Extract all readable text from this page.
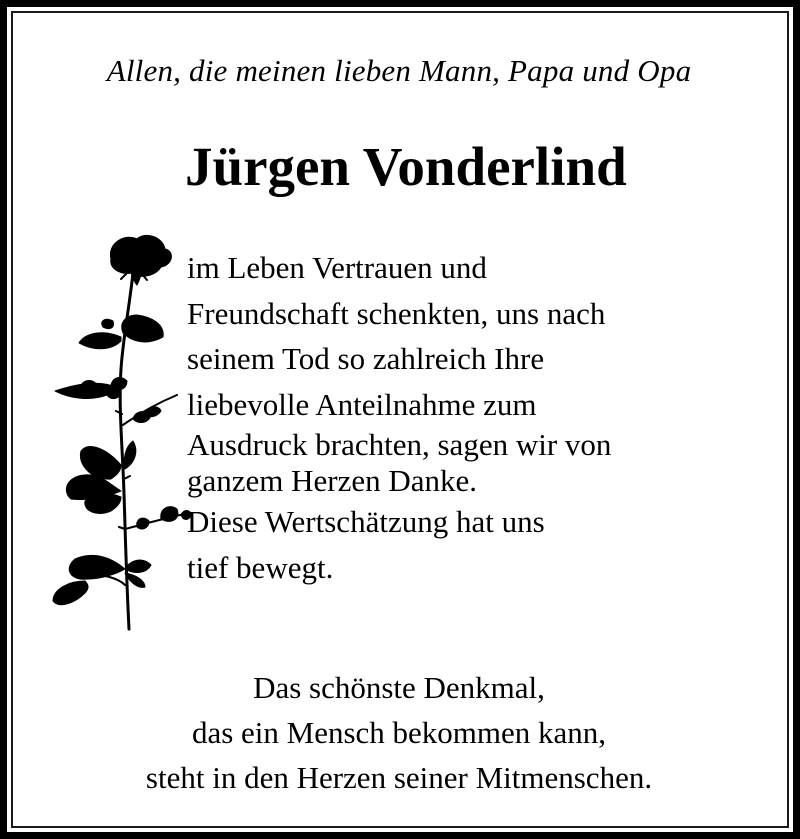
Allen, die meinen lieben Mann, Papa und Opa
Jürgen Vonderlind
im Leben Vertrauen und
Freundschaft schenkten, uns nach
seinem Tod so zahlreich Ihre
liebevolle Anteilnahme zum
Ausdruck brachten, sagen wir von
ganzem Herzen Danke.
Diese Wertschätzung hat uns
tief bewegt.
Das schönste Denkmal,
das ein Mensch bekommen kann,
steht in den Herzen seiner Mitmenschen.
